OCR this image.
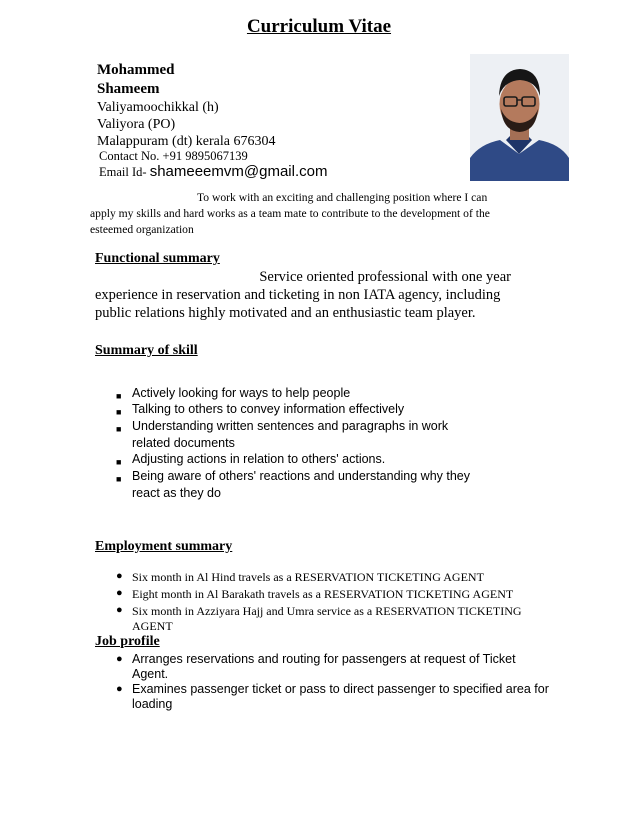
Curriculum Vitae
Mohammed
Shameem
Valiyamoochikkal (h)
Valiyora (PO)
Malappuram (dt) kerala 676304
Contact No. +91 9895067139
Email Id- shameeemvm@gmail.com

To work with an exciting and challenging position where I can

apply my skills and hard works as a team mate to contribute to the development of the

esteemed organization

Functional summary
Service oriented professional with one year
experience in reservation and ticketing in non IATA agency, including
public relations highly motivated and an enthusiastic team player.
Summary of skill
■ Actively looking for ways to help people
■ Talking to others to convey information effectively
■ Understanding written sentences and paragraphs in work
related documents
■ Adjusting actions in relation to others' actions.
■ Being aware of others' reactions and understanding why they
react as they do
Employment summary
● Six month in Al Hind travels as a RESERVATION TICKETING AGENT
● Eight month in Al Barakath travels as a RESERVATION TICKETING AGENT
● Six month in Azziyara Hajj and Umra service as a RESERVATION TICKETING
AGENT
Job profile
● Arranges reservations and routing for passengers at request of Ticket
Agent.
● Examines passenger ticket or pass to direct passenger to specified area for
loading
